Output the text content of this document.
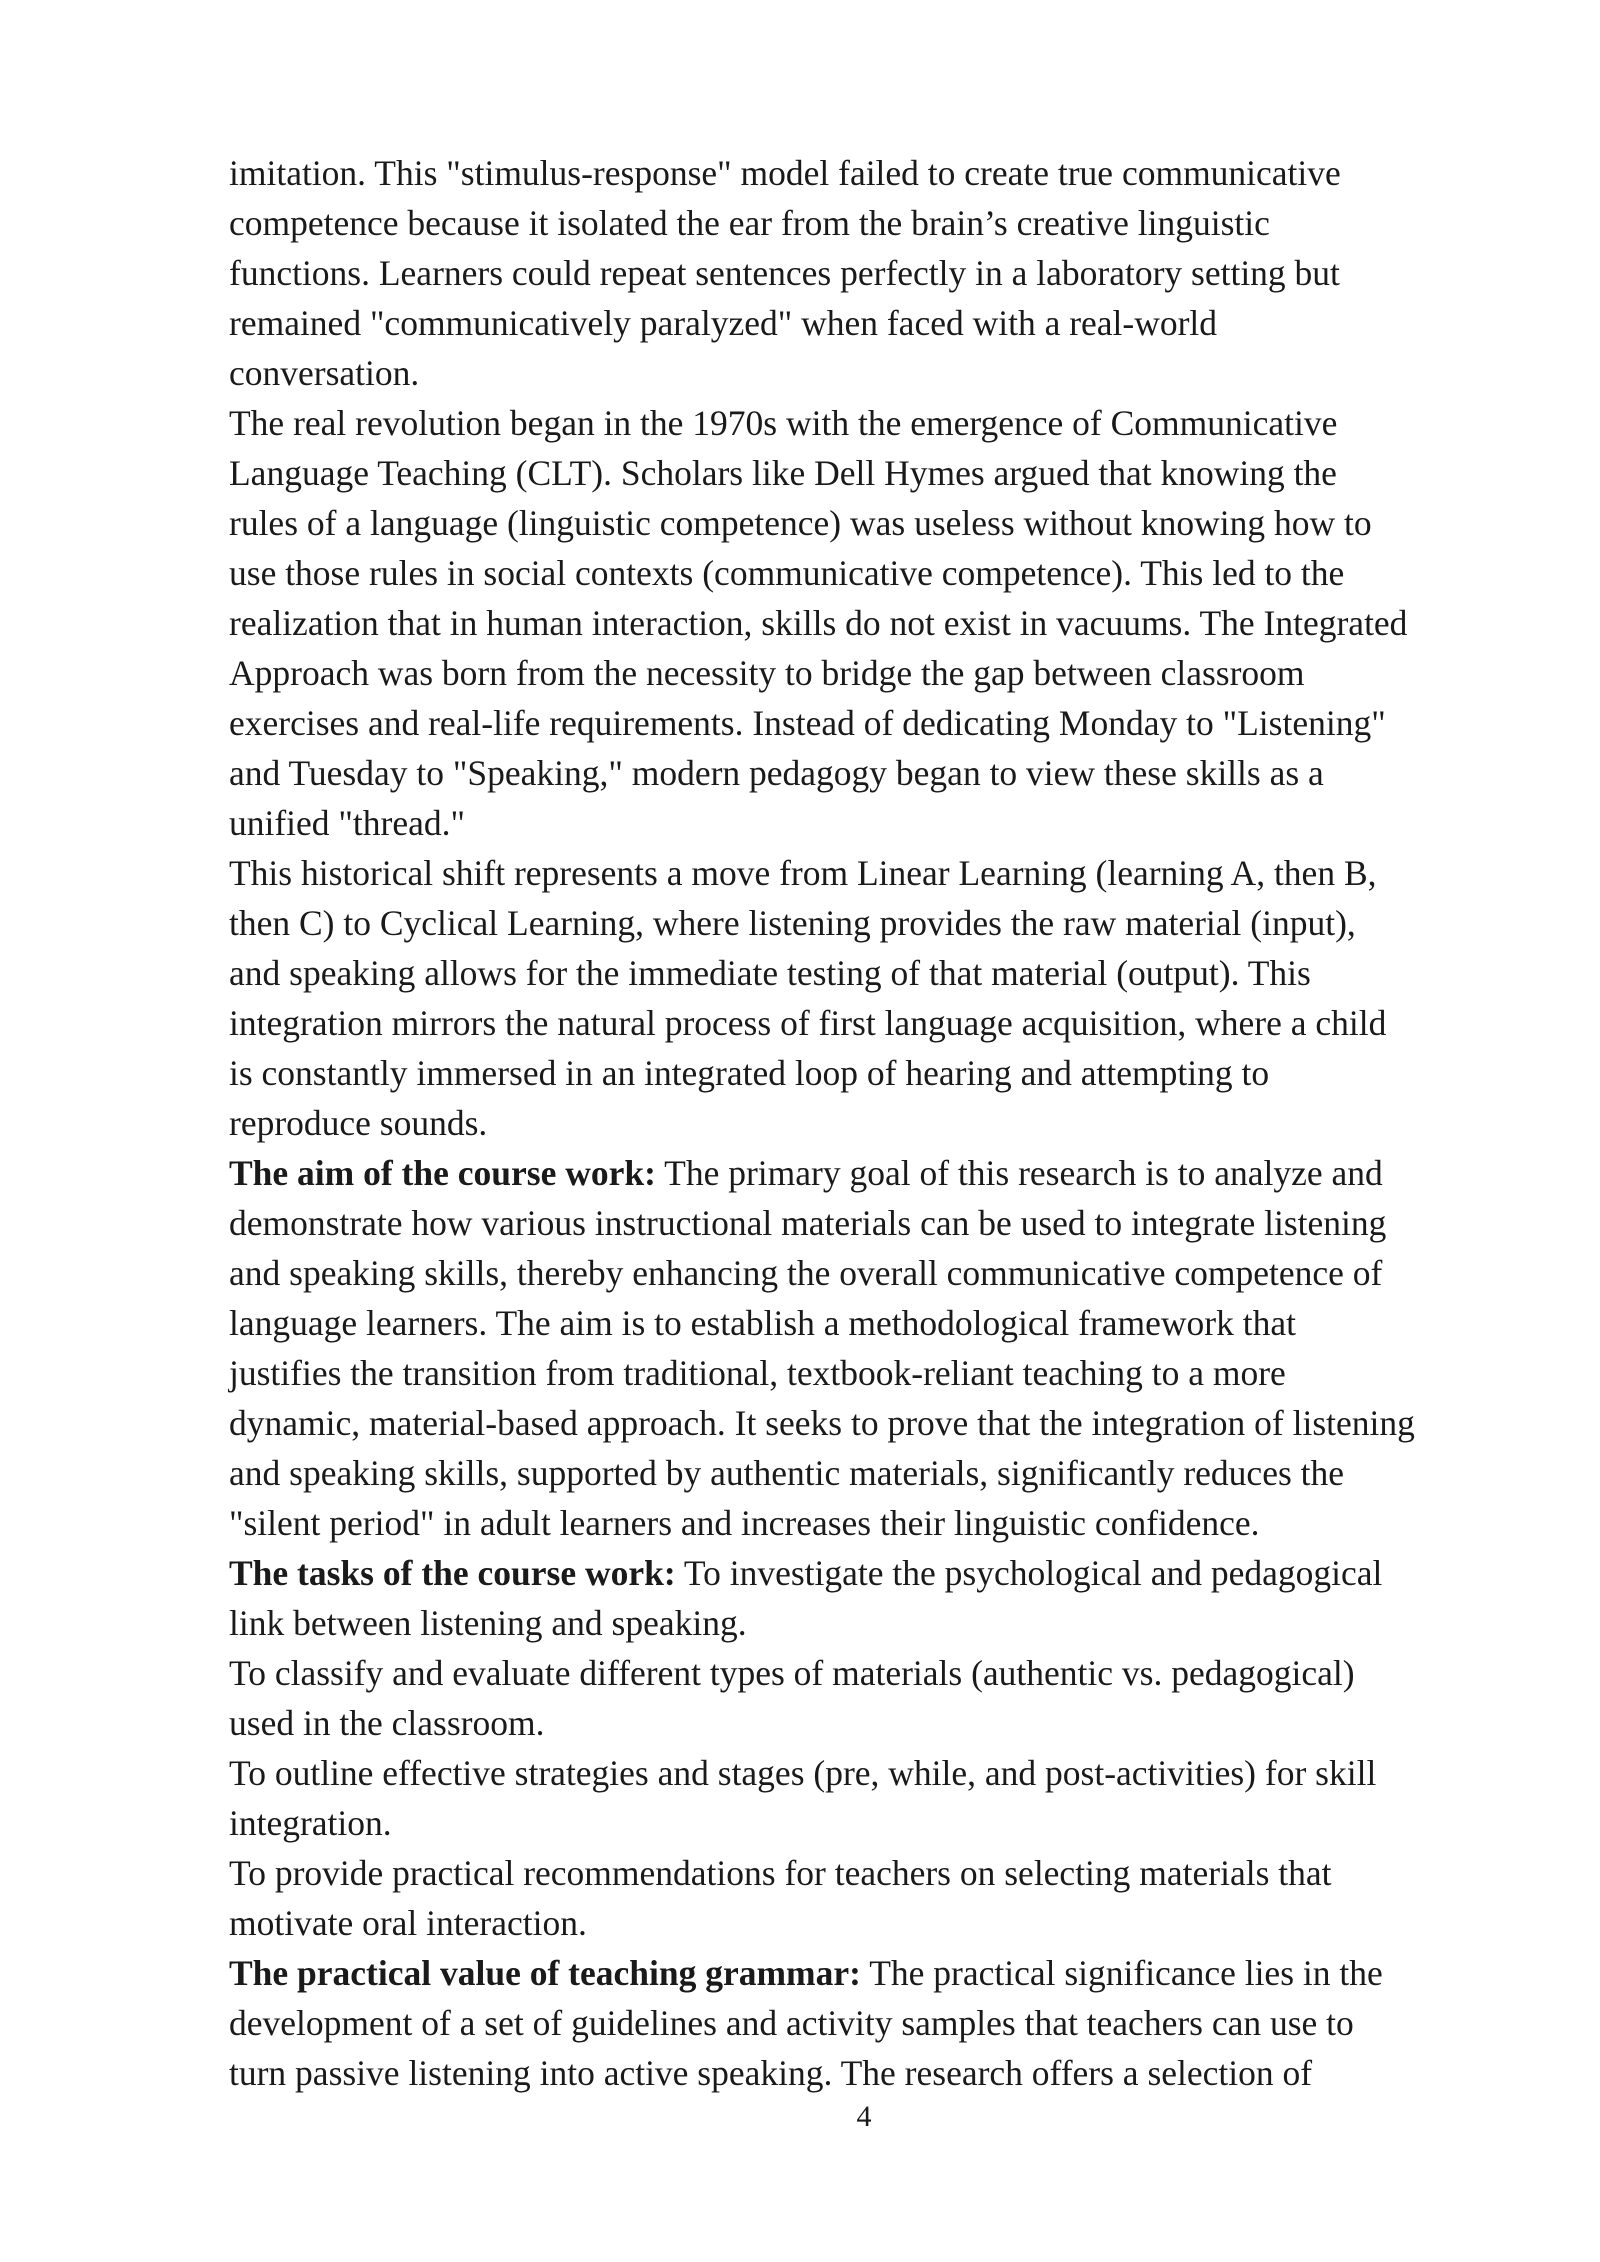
imitation. This "stimulus-response" model failed to create true communicative
competence because it isolated the ear from the brain’s creative linguistic
functions. Learners could repeat sentences perfectly in a laboratory setting but
remained "communicatively paralyzed" when faced with a real-world
conversation.
The real revolution began in the 1970s with the emergence of Communicative
Language Teaching (CLT). Scholars like Dell Hymes argued that knowing the
rules of a language (linguistic competence) was useless without knowing how to
use those rules in social contexts (communicative competence). This led to the
realization that in human interaction, skills do not exist in vacuums. The Integrated
Approach was born from the necessity to bridge the gap between classroom
exercises and real-life requirements. Instead of dedicating Monday to "Listening"
and Tuesday to "Speaking," modern pedagogy began to view these skills as a
unified "thread."
This historical shift represents a move from Linear Learning (learning A, then B,
then C) to Cyclical Learning, where listening provides the raw material (input),
and speaking allows for the immediate testing of that material (output). This
integration mirrors the natural process of first language acquisition, where a child
is constantly immersed in an integrated loop of hearing and attempting to
reproduce sounds.
The aim of the course work: The primary goal of this research is to analyze and
demonstrate how various instructional materials can be used to integrate listening
and speaking skills, thereby enhancing the overall communicative competence of
language learners. The aim is to establish a methodological framework that
justifies the transition from traditional, textbook-reliant teaching to a more
dynamic, material-based approach. It seeks to prove that the integration of listening
and speaking skills, supported by authentic materials, significantly reduces the
"silent period" in adult learners and increases their linguistic confidence.
The tasks of the course work: To investigate the psychological and pedagogical
link between listening and speaking.
To classify and evaluate different types of materials (authentic vs. pedagogical)
used in the classroom.
To outline effective strategies and stages (pre, while, and post-activities) for skill
integration.
To provide practical recommendations for teachers on selecting materials that
motivate oral interaction.
The practical value of teaching grammar: The practical significance lies in the
development of a set of guidelines and activity samples that teachers can use to
turn passive listening into active speaking. The research offers a selection of
4
